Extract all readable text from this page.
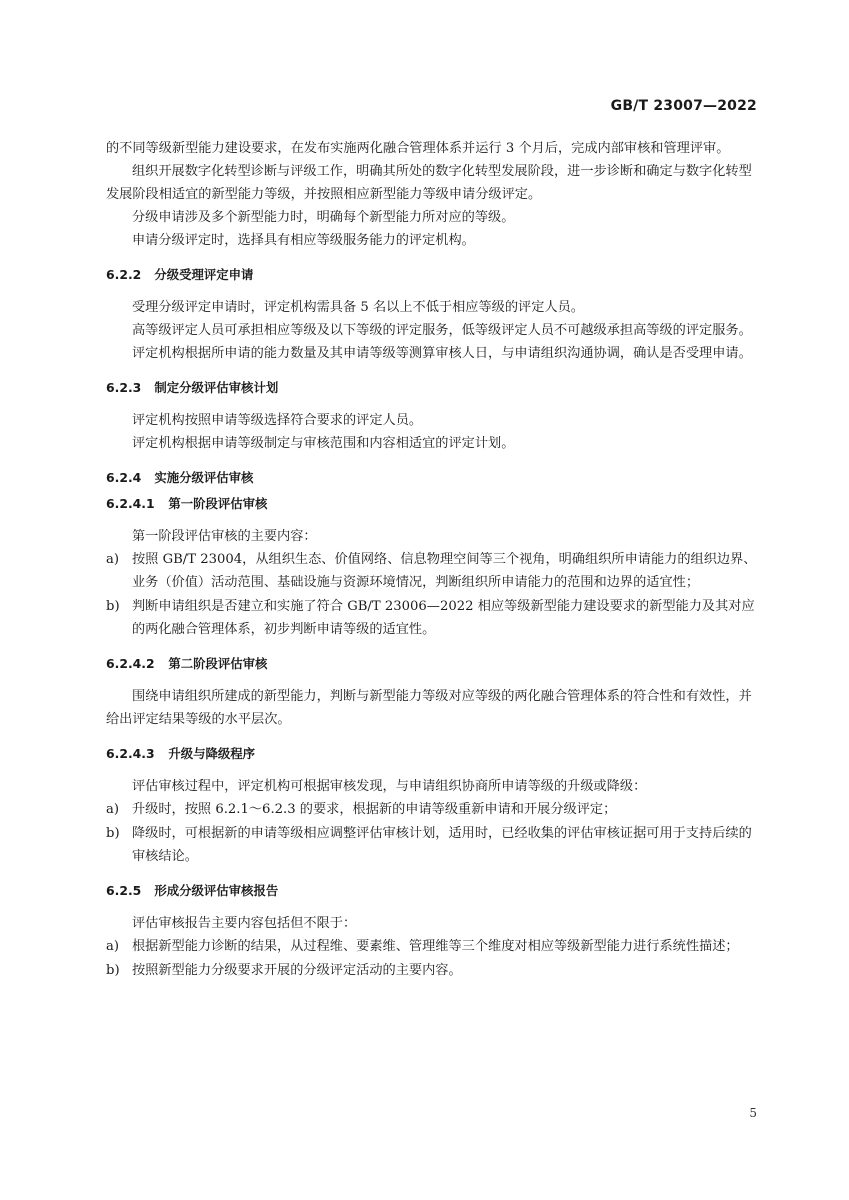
GB/T 23007—2022

的不同等级新型能力建设要求，在发布实施两化融合管理体系并运行 3 个月后，完成内部审核和管理评审。

组织开展数字化转型诊断与评级工作，明确其所处的数字化转型发展阶段，进一步诊断和确定与数字化转型发展阶段相适宜的新型能力等级，并按照相应新型能力等级申请分级评定。

分级申请涉及多个新型能力时，明确每个新型能力所对应的等级。

申请分级评定时，选择具有相应等级服务能力的评定机构。

6.2.2 分级受理评定申请

受理分级评定申请时，评定机构需具备 5 名以上不低于相应等级的评定人员。

高等级评定人员可承担相应等级及以下等级的评定服务，低等级评定人员不可越级承担高等级的评定服务。

评定机构根据所申请的能力数量及其申请等级等测算审核人日，与申请组织沟通协调，确认是否受理申请。

6.2.3 制定分级评估审核计划

评定机构按照申请等级选择符合要求的评定人员。

评定机构根据申请等级制定与审核范围和内容相适宜的评定计划。

6.2.4 实施分级评估审核
6.2.4.1 第一阶段评估审核

第一阶段评估审核的主要内容：

a) 按照 GB/T 23004，从组织生态、价值网络、信息物理空间等三个视角，明确组织所申请能力的组织边界、业务（价值）活动范围、基础设施与资源环境情况，判断组织所申请能力的范围和边界的适宜性；
b) 判断申请组织是否建立和实施了符合 GB/T 23006—2022 相应等级新型能力建设要求的新型能力及其对应的两化融合管理体系，初步判断申请等级的适宜性。
6.2.4.2 第二阶段评估审核

围绕申请组织所建成的新型能力，判断与新型能力等级对应等级的两化融合管理体系的符合性和有效性，并给出评定结果等级的水平层次。

6.2.4.3 升级与降级程序

评估审核过程中，评定机构可根据审核发现，与申请组织协商所申请等级的升级或降级：

a) 升级时，按照 6.2.1～6.2.3 的要求，根据新的申请等级重新申请和开展分级评定；
b) 降级时，可根据新的申请等级相应调整评估审核计划，适用时，已经收集的评估审核证据可用于支持后续的审核结论。
6.2.5 形成分级评估审核报告

评估审核报告主要内容包括但不限于：

a) 根据新型能力诊断的结果，从过程维、要素维、管理维等三个维度对相应等级新型能力进行系统性描述；
b) 按照新型能力分级要求开展的分级评定活动的主要内容。
5
